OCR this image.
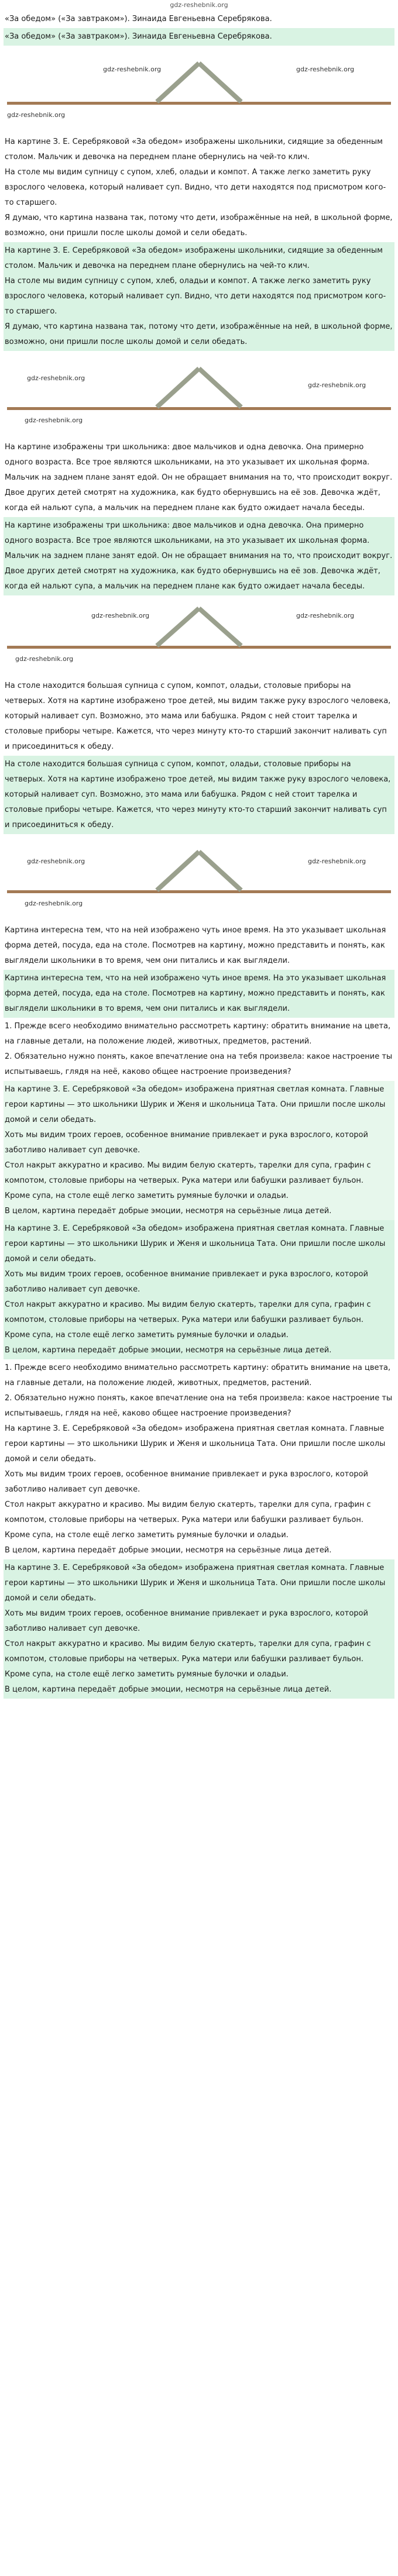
gdz-reshebnik.org

«За обедом» («За завтраком»). Зинаида Евгеньевна Серебрякова.

«За обедом» («За завтраком»). Зинаида Евгеньевна Серебрякова.

gdz-reshebnik.org	gdz-reshebnik.org
gdz-reshebnik.org

На картине З. Е. Серебряковой «За обедом» изображены школьники, сидящие за обеденным столом. Мальчик и девочка на переднем плане обернулись на чей-то клич.

На столе мы видим супницу с супом, хлеб, оладьи и компот. А также легко заметить руку взрослого человека, который наливает суп. Видно, что дети находятся под присмотром кого-то старшего.

Я думаю, что картина названа так, потому что дети, изображённые на ней, в школьной форме, возможно, они пришли после школы домой и сели обедать.

На картине З. Е. Серебряковой «За обедом» изображены школьники, сидящие за обеденным столом. Мальчик и девочка на переднем плане обернулись на чей-то клич.

На столе мы видим супницу с супом, хлеб, оладьи и компот. А также легко заметить руку взрослого человека, который наливает суп. Видно, что дети находятся под присмотром кого-то старшего.

Я думаю, что картина названа так, потому что дети, изображённые на ней, в школьной форме, возможно, они пришли после школы домой и сели обедать.

gdz-reshebnik.org
gdz-reshebnik.org
gdz-reshebnik.org

На картине изображены три школьника: двое мальчиков и одна девочка. Она примерно одного возраста. Все трое являются школьниками, на это указывает их школьная форма. Мальчик на заднем плане занят едой. Он не обращает внимания на то, что происходит вокруг. Двое других детей смотрят на художника, как будто обернувшись на её зов. Девочка ждёт, когда ей нальют супа, а мальчик на переднем плане как будто ожидает начала беседы.

На картине изображены три школьника: двое мальчиков и одна девочка. Она примерно одного возраста. Все трое являются школьниками, на это указывает их школьная форма. Мальчик на заднем плане занят едой. Он не обращает внимания на то, что происходит вокруг. Двое других детей смотрят на художника, как будто обернувшись на её зов. Девочка ждёт, когда ей нальют супа, а мальчик на переднем плане как будто ожидает начала беседы.

gdz-reshebnik.org	gdz-reshebnik.org
gdz-reshebnik.org

На столе находится большая супница с супом, компот, оладьи, столовые приборы на четверых. Хотя на картине изображено трое детей, мы видим также руку взрослого человека, который наливает суп. Возможно, это мама или бабушка. Рядом с ней стоит тарелка и столовые приборы четыре. Кажется, что через минуту кто-то старший закончит наливать суп и присоединиться к обеду.

На столе находится большая супница с супом, компот, оладьи, столовые приборы на четверых. Хотя на картине изображено трое детей, мы видим также руку взрослого человека, который наливает суп. Возможно, это мама или бабушка. Рядом с ней стоит тарелка и столовые приборы четыре. Кажется, что через минуту кто-то старший закончит наливать суп и присоединиться к обеду.

gdz-reshebnik.org	gdz-reshebnik.org
gdz-reshebnik.org

Картина интересна тем, что на ней изображено чуть иное время. На это указывает школьная форма детей, посуда, еда на столе. Посмотрев на картину, можно представить и понять, как выглядели школьники в то время, чем они питались и как выглядели.

Картина интересна тем, что на ней изображено чуть иное время. На это указывает школьная форма детей, посуда, еда на столе. Посмотрев на картину, можно представить и понять, как выглядели школьники в то время, чем они питались и как выглядели.

1. Прежде всего необходимо внимательно рассмотреть картину: обратить внимание на цвета, на главные детали, на положение людей, животных, предметов, растений.

2. Обязательно нужно понять, какое впечатление она на тебя произвела: какое настроение ты испытываешь, глядя на неё, каково общее настроение произведения?

На картине З. Е. Серебряковой «За обедом» изображена приятная светлая комната. Главные герои картины — это школьники Шурик и Женя и школьница Тата. Они пришли после школы домой и сели обедать.

Хоть мы видим троих героев, особенное внимание привлекает и рука взрослого, которой заботливо наливает суп девочке.

Стол накрыт аккуратно и красиво. Мы видим белую скатерть, тарелки для супа, графин с компотом, столовые приборы на четверых. Рука матери или бабушки разливает бульон.

Кроме супа, на столе ещё легко заметить румяные булочки и оладьи.

В целом, картина передаёт добрые эмоции, несмотря на серьёзные лица детей.

На картине З. Е. Серебряковой «За обедом» изображена приятная светлая комната. Главные герои картины — это школьники Шурик и Женя и школьница Тата. Они пришли после школы домой и сели обедать.

Хоть мы видим троих героев, особенное внимание привлекает и рука взрослого, которой заботливо наливает суп девочке.

Стол накрыт аккуратно и красиво. Мы видим белую скатерть, тарелки для супа, графин с компотом, столовые приборы на четверых. Рука матери или бабушки разливает бульон.

Кроме супа, на столе ещё легко заметить румяные булочки и оладьи.

В целом, картина передаёт добрые эмоции, несмотря на серьёзные лица детей.

1. Прежде всего необходимо внимательно рассмотреть картину: обратить внимание на цвета, на главные детали, на положение людей, животных, предметов, растений.

2. Обязательно нужно понять, какое впечатление она на тебя произвела: какое настроение ты испытываешь, глядя на неё, каково общее настроение произведения?

На картине З. Е. Серебряковой «За обедом» изображена приятная светлая комната. Главные герои картины — это школьники Шурик и Женя и школьница Тата. Они пришли после школы домой и сели обедать.

Хоть мы видим троих героев, особенное внимание привлекает и рука взрослого, которой заботливо наливает суп девочке.

Стол накрыт аккуратно и красиво. Мы видим белую скатерть, тарелки для супа, графин с компотом, столовые приборы на четверых. Рука матери или бабушки разливает бульон.

Кроме супа, на столе ещё легко заметить румяные булочки и оладьи.

В целом, картина передаёт добрые эмоции, несмотря на серьёзные лица детей.

На картине З. Е. Серебряковой «За обедом» изображена приятная светлая комната. Главные герои картины — это школьники Шурик и Женя и школьница Тата. Они пришли после школы домой и сели обедать.

Хоть мы видим троих героев, особенное внимание привлекает и рука взрослого, которой заботливо наливает суп девочке.

Стол накрыт аккуратно и красиво. Мы видим белую скатерть, тарелки для супа, графин с компотом, столовые приборы на четверых. Рука матери или бабушки разливает бульон.

Кроме супа, на столе ещё легко заметить румяные булочки и оладьи.

В целом, картина передаёт добрые эмоции, несмотря на серьёзные лица детей.
